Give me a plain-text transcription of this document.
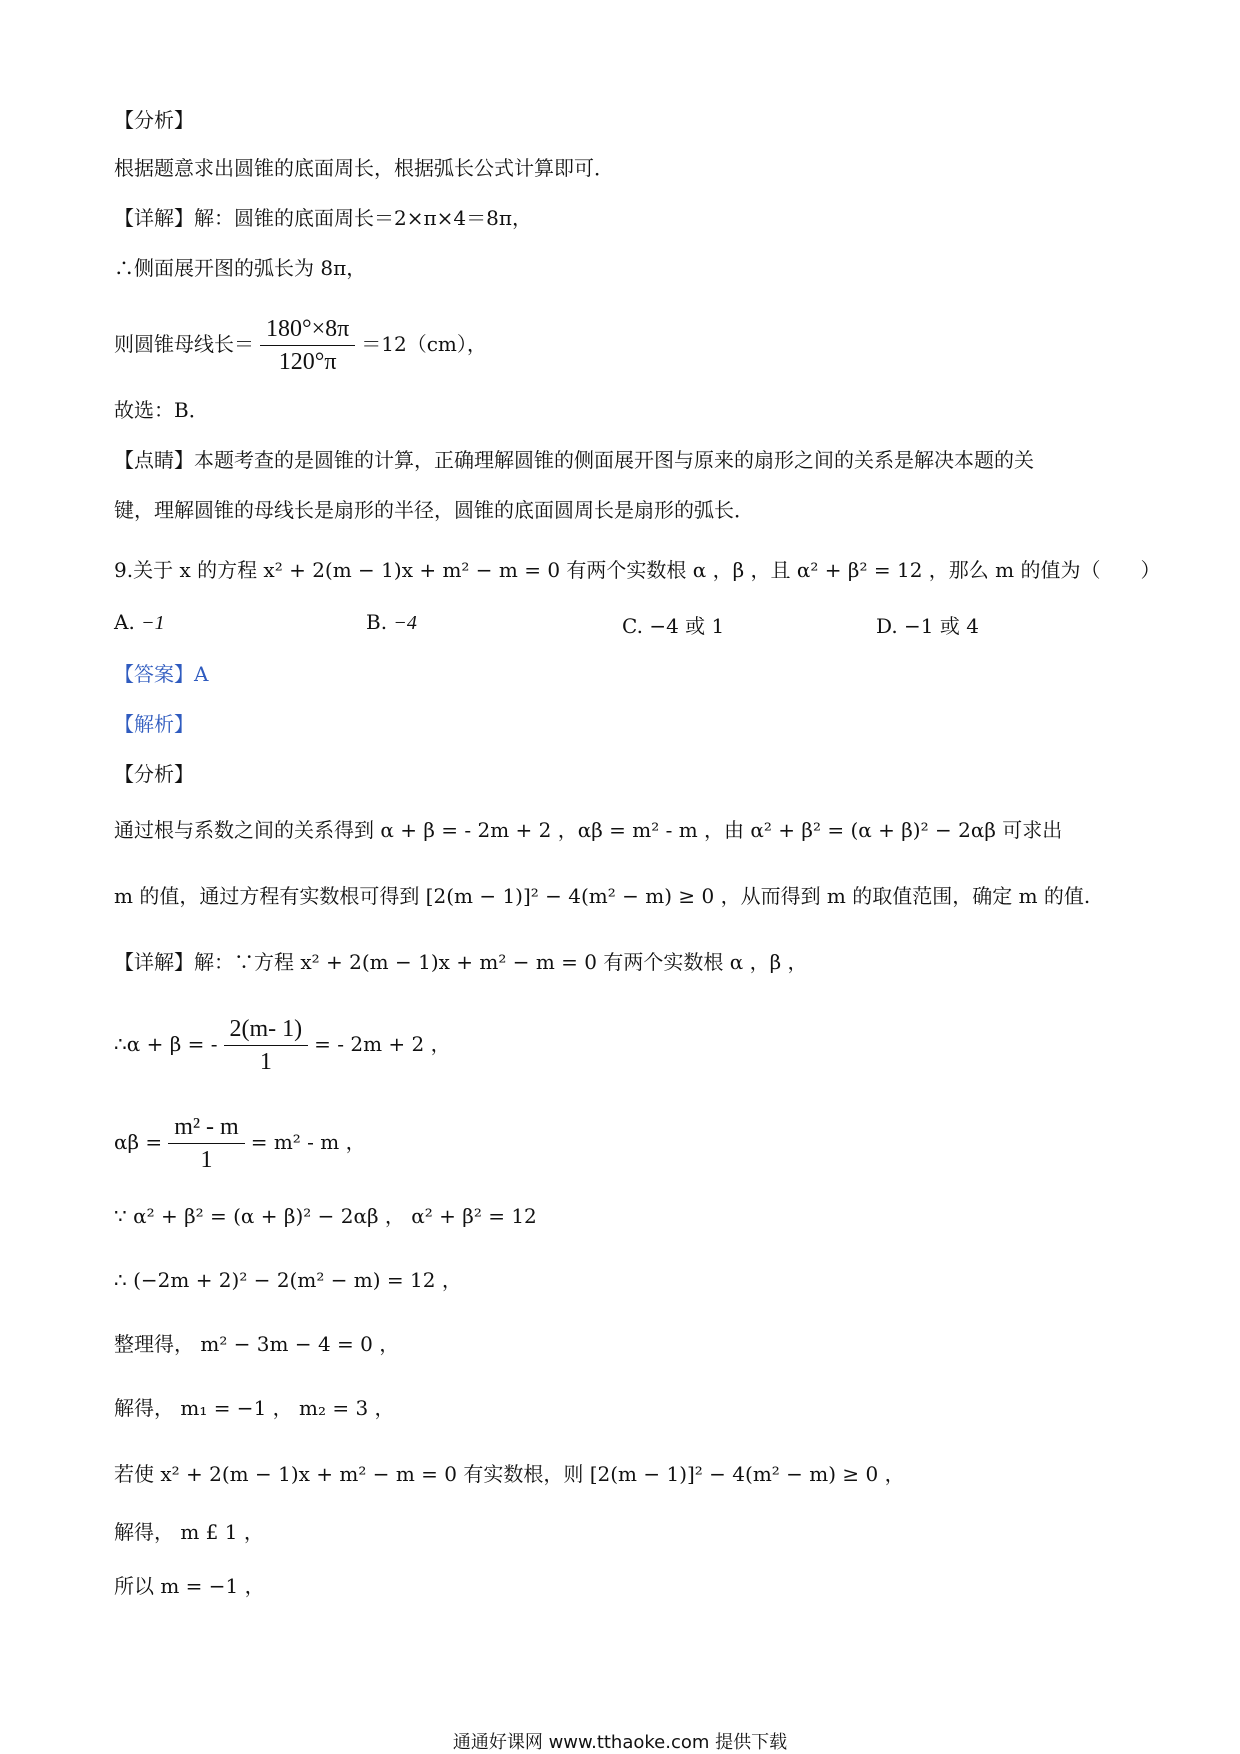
【分析】
根据题意求出圆锥的底面周长，根据弧长公式计算即可．
【详解】解：圆锥的底面周长＝2×π×4＝8π，
∴侧面展开图的弧长为 8π，
则圆锥母线长＝ $\frac{180^\circ\times 8\pi}{120^\circ\pi} =12(cm)$，
故选：B．
【点睛】本题考查的是圆锥的计算，正确理解圆锥的侧面展开图与原来的扇形之间的关系是解决本题的关
键，理解圆锥的母线长是扇形的半径，圆锥的底面圆周长是扇形的弧长．
9.关于 x 的方程 x² + 2(m − 1)x + m² − m = 0 有两个实数根 α ，β ，且 α² + β² = 12 ，那么 m 的值为（　　）
A. −1	B. −4	C. −4 或 1	D. −1 或 4
【答案】A
【解析】
【分析】
通过根与系数之间的关系得到 α + β = - 2m + 2 ，αβ = m² - m ，由 α² + β² = (α + β)² − 2αβ 可求出
m 的值，通过方程有实数根可得到 [2(m − 1)]² − 4(m² − m) ≥ 0 ，从而得到 m 的取值范围，确定 m 的值.
【详解】解：∵方程 x² + 2(m − 1)x + m² − m = 0 有两个实数根 α ，β ，
∴α + β = - $\frac{2(m- 1)}{1}$ = - 2m + 2 ，
$\alpha\beta = \frac{\text{m² - m}}{1} = m^2 - m$ ，
∵ α² + β² = (α + β)² − 2αβ ， α² + β² = 12
∴ (−2m + 2)² − 2(m² − m) = 12 ，
整理得， m² − 3m − 4 = 0 ，
解得， m₁ = −1 ， m₂ = 3 ，
若使 x² + 2(m − 1)x + m² − m = 0 有实数根，则 [2(m − 1)]² − 4(m² − m) ≥ 0 ，
解得， m £ 1 ，
所以 m = −1 ，
通通好课网 www.tthaoke.com 提供下载
